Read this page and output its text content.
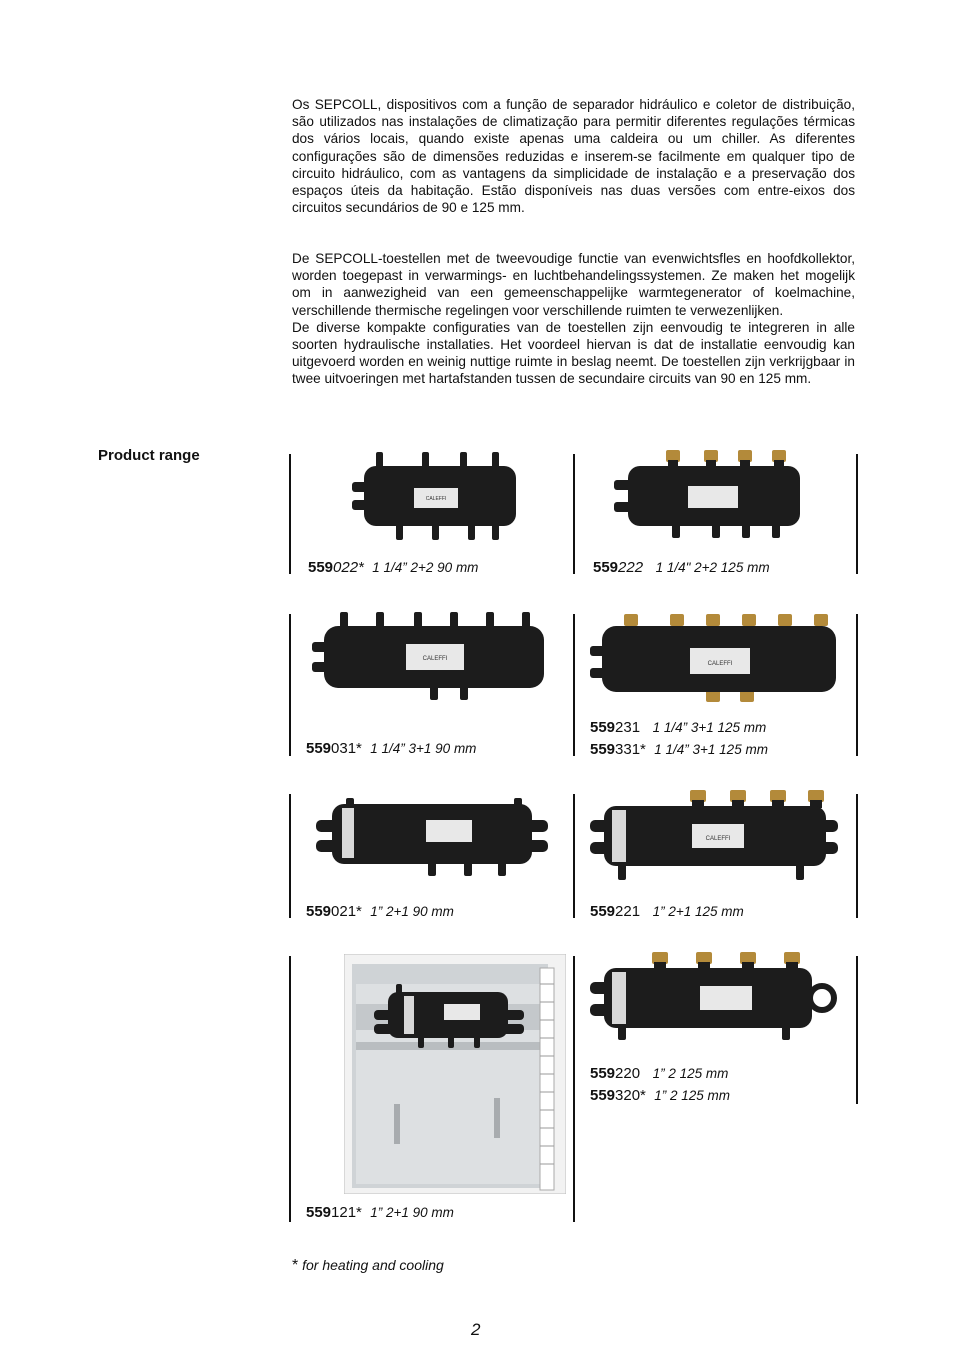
Os SEPCOLL, dispositivos com a função de separador hidráulico e coletor de distribuição, são utilizados nas instalações de climatização para permitir diferentes regulações térmicas dos vários locais, quando existe apenas uma caldeira ou um chiller. As diferentes configurações são de dimensões reduzidas e inserem-se facilmente em qualquer tipo de circuito hidráulico, com as vantagens da simplicidade de instalação e a preservação dos espaços úteis da habitação. Estão disponíveis nas duas versões com entre-eixos dos circuitos secundários de 90 e 125 mm.

De SEPCOLL-toestellen met de tweevoudige functie van evenwichtsfles en hoofdkollektor, worden toegepast in verwarmings- en luchtbehandelingssystemen. Ze maken het mogelijk om in aanwezigheid van een gemeenschappelijke warmtegenerator of koelmachine, verschillende thermische regelingen voor verschillende ruimten te verwezenlijken.
De diverse kompakte configuraties van de toestellen zijn eenvoudig te integreren in alle soorten hydraulische installaties. Het voordeel hiervan is dat de installatie eenvoudig kan uitgevoerd worden en weinig nuttige ruimte in beslag neemt. De toestellen zijn verkrijgbaar in twee uitvoeringen met hartafstanden tussen de secundaire circuits van 90 en 125 mm.

Product range
CALEFFI
559022* 1 1/4” 2+2 90 mm	559222 1 1/4" 2+2 125 mm
CALEFFI
559031* 1 1/4” 3+1 90 mm
CALEFFI
559231 1 1/4” 3+1 125 mm
559331* 1 1/4” 3+1 125 mm
559021* 1” 2+1 90 mm
CALEFFI
559221 1” 2+1 125 mm
559121* 1” 2+1 90 mm
559220 1” 2 125 mm
559320* 1” 2 125 mm
* for heating and cooling
2
